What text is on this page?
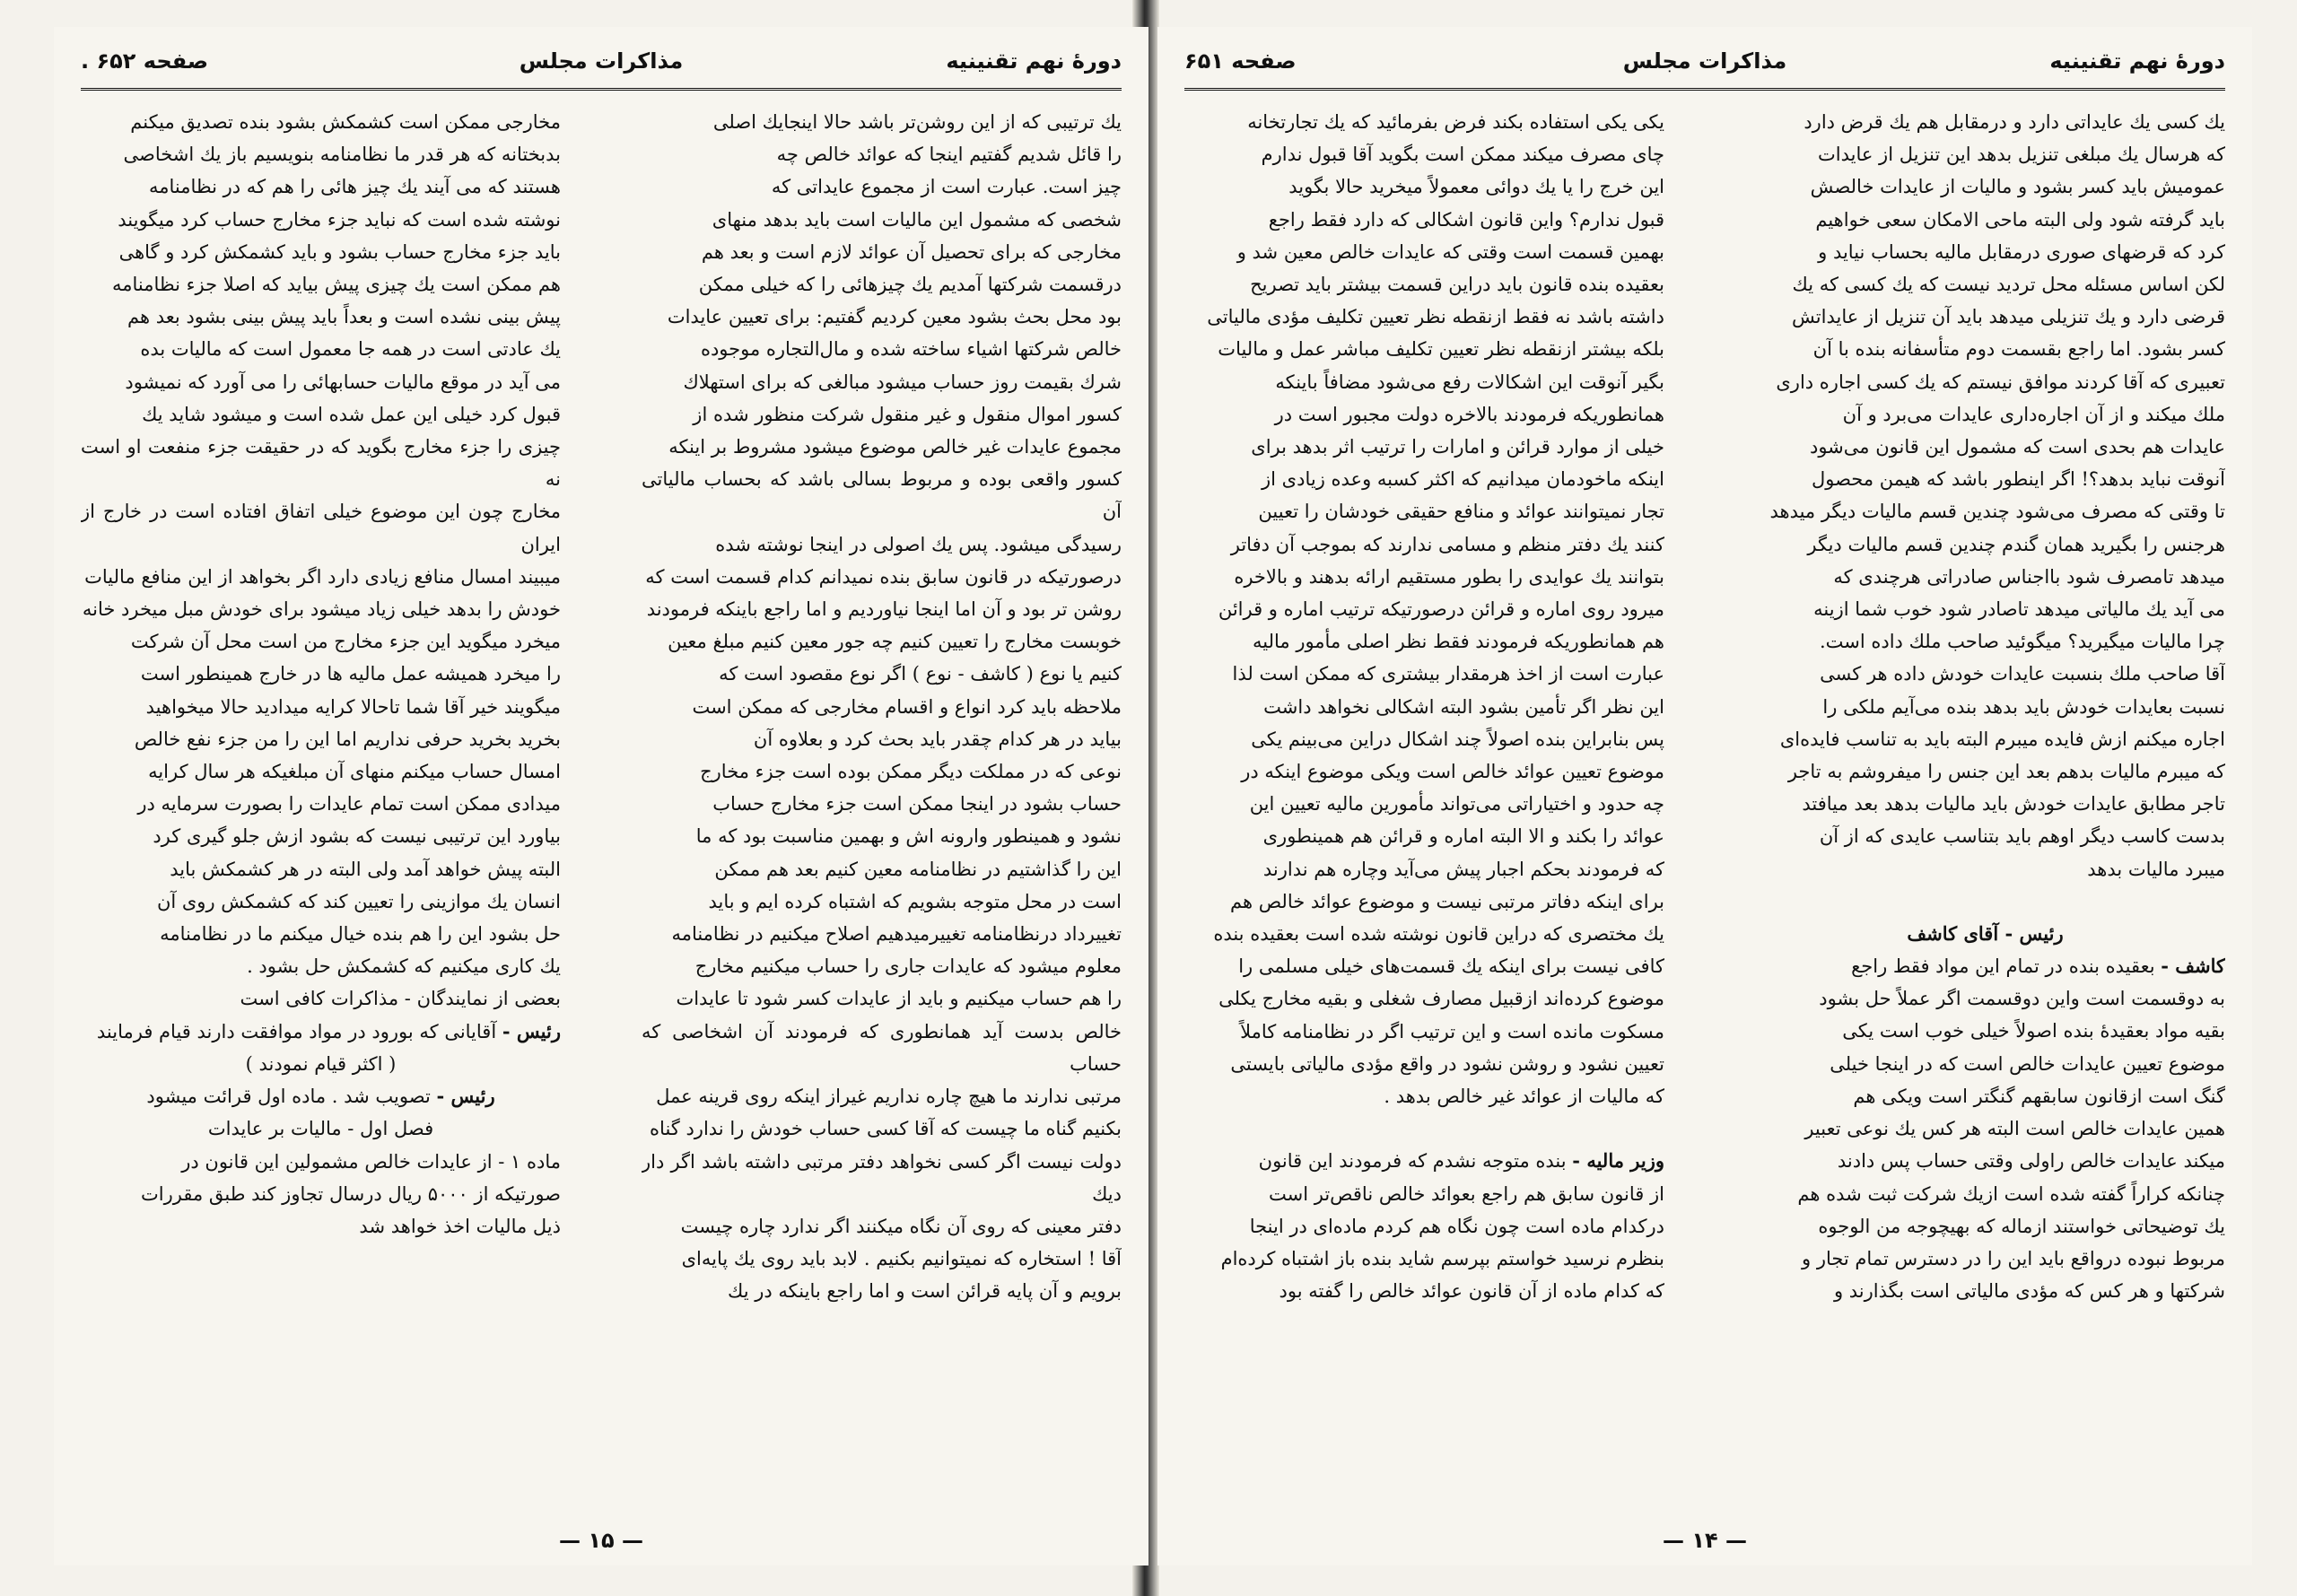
دورهٔ نهم تقنینیه
مذاکرات مجلس
صفحه ۶۵۲ .

یك ترتیبی كه از این روشن‌تر باشد حالا اینجایك اصلی

را قائل شدیم گفتیم اینجا كه عوائد خالص چه

چیز است. عبارت است از مجموع عایداتی كه

شخصی كه مشمول این مالیات است باید بدهد منهای

مخارجی كه برای تحصیل آن عوائد لازم است و بعد هم

درقسمت شركتها آمدیم یك چیزهائی را كه خیلی ممكن

بود محل بحث بشود معین كردیم گفتیم: برای تعیین عایدات

خالص شركتها اشیاء ساخته شده و مال‌التجاره موجوده

شرك بقیمت روز حساب میشود مبالغی كه برای استهلاك

كسور اموال منقول و غیر منقول شركت منظور شده از

مجموع عایدات غیر خالص موضوع میشود مشروط بر اینكه

كسور واقعی بوده و مربوط بسالی باشد كه بحساب مالیاتی آن

رسیدگی میشود. پس یك اصولی در اینجا نوشته شده

درصورتیكه در قانون سابق بنده نمیدانم كدام قسمت است كه

روشن تر بود و آن اما اینجا نیاوردیم و اما راجع باینكه فرمودند

خوبست مخارج را تعیین كنیم چه جور معین كنیم مبلغ معین

كنیم یا نوع ( كاشف - نوع ) اگر نوع مقصود است كه

ملاحظه باید كرد انواع و اقسام مخارجی كه ممكن است

بیاید در هر كدام چقدر باید بحث كرد و بعلاوه آن

نوعی كه در مملكت دیگر ممكن بوده است جزء مخارج

حساب بشود در اینجا ممكن است جزء مخارج حساب

نشود و همینطور وارونه اش و بهمین مناسبت بود كه ما

این را گذاشتیم در نظامنامه معین كنیم بعد هم ممكن

است در محل متوجه بشویم كه اشتباه كرده ایم و باید

تغییرداد درنظامنامه تغییرمیدهیم اصلاح میكنیم در نظامنامه

معلوم میشود كه عایدات جاری را حساب میكنیم مخارج

را هم حساب میكنیم و باید از عایدات كسر شود تا عایدات

خالص بدست آید همانطوری كه فرمودند آن اشخاصی كه حساب

مرتبی ندارند ما هیچ چاره نداریم غیراز اینكه روی قرینه عمل

بكنیم گناه ما چیست كه آقا كسی حساب خودش را ندارد گناه

دولت نیست اگر كسی نخواهد دفتر مرتبی داشته باشد اگر دار دیك

دفتر معینی كه روی آن نگاه میكنند اگر ندارد چاره چیست

آقا ! استخاره كه نمیتوانیم بكنیم . لابد باید روی یك پایه‌ای

برویم و آن پایه قرائن است و اما راجع باینكه در یك

مخارجی ممكن است كشمكش بشود بنده تصدیق میكنم

بدبختانه كه هر قدر ما نظامنامه بنویسیم باز یك اشخاصی

هستند كه می آیند یك چیز هائی را هم كه در نظامنامه

نوشته شده است كه نباید جزء مخارج حساب كرد میگویند

باید جزء مخارج حساب بشود و باید كشمكش كرد و گاهی

هم ممكن است یك چیزی پیش بیاید كه اصلا جزء نظامنامه

پیش بینی نشده است و بعداً باید پیش بینی بشود بعد هم

یك عادتی است در همه جا معمول است كه مالیات بده

می آید در موقع مالیات حسابهائی را می آورد كه نمیشود

قبول كرد خیلی این عمل شده است و میشود شاید یك

چیزی را جزء مخارج بگوید كه در حقیقت جزء منفعت او است نه

مخارج چون این موضوع خیلی اتفاق افتاده است در خارج از ایران

میبیند امسال منافع زیادی دارد اگر بخواهد از این منافع مالیات

خودش را بدهد خیلی زیاد میشود برای خودش مبل میخرد خانه

میخرد میگوید این جزء مخارج من است محل آن شركت

را میخرد همیشه عمل مالیه ها در خارج همینطور است

میگویند خیر آقا شما تاحالا كرایه میدادید حالا میخواهید

بخرید بخرید حرفی نداریم اما این را من جزء نفع خالص

امسال حساب میكنم منهای آن مبلغیكه هر سال كرایه

میدادی ممكن است تمام عایدات را بصورت سرمایه در

بیاورد این ترتیبی نیست كه بشود ازش جلو گیری كرد

البته پیش خواهد آمد ولی البته در هر كشمكش باید

انسان یك موازینی را تعیین كند كه كشمكش روی آن

حل بشود این را هم بنده خیال میكنم ما در نظامنامه

یك كاری میكنیم كه كشمكش حل بشود .

بعضی از نمایندگان - مذاکرات کافی است

رئیس - آقایانی که بورود در مواد موافقت دارند قیام فرمایند

( اکثر قیام نمودند )

رئیس - تصویب شد . ماده اول قرائت میشود

فصل اول - مالیات بر عایدات

ماده ۱ - از عایدات خالص مشمولین این قانون در

صورتیکه از ۵۰۰۰ ریال درسال تجاوز کند طبق مقررات

ذیل مالیات اخذ خواهد شد

— ۱۵ —
دورهٔ نهم تقنینیه
مذاکرات مجلس
صفحه ۶۵۱

یك كسی یك عایداتی دارد و درمقابل هم یك قرض دارد

كه هرسال یك مبلغی تنزیل بدهد این تنزیل از عایدات

عمومیش باید كسر بشود و مالیات از عایدات خالصش

باید گرفته شود ولی البته ماحی الامكان سعی خواهیم

كرد كه قرضهای صوری درمقابل مالیه بحساب نیاید و

لكن اساس مسئله محل تردید نیست كه یك كسی كه یك

قرضی دارد و یك تنزیلی میدهد باید آن تنزیل از عایداتش

كسر بشود. اما راجع بقسمت دوم متأسفانه بنده با آن

تعبیری كه آقا كردند موافق نیستم كه یك كسی اجاره داری

ملك میكند و از آن اجاره‌داری عایدات می‌برد و آن

عایدات هم بحدی است كه مشمول این قانون می‌شود

آنوقت نباید بدهد؟! اگر اینطور باشد كه هیمن محصول

تا وقتی كه مصرف می‌شود چندین قسم مالیات دیگر میدهد

هرجنس را بگیرید همان گندم چندین قسم مالیات دیگر

میدهد تامصرف شود بااجناس صادراتی هرچندی كه

می آید یك مالیاتی میدهد تاصادر شود خوب شما ازینه

چرا مالیات میگیرید؟ میگوئید صاحب ملك داده است.

آقا صاحب ملك بنسبت عایدات خودش داده هر كسی

نسبت بعایدات خودش باید بدهد بنده می‌آیم ملكی را

اجاره میكنم ازش فایده میبرم البته باید به تناسب فایده‌ای

كه میبرم مالیات بدهم بعد این جنس را میفروشم به تاجر

تاجر مطابق عایدات خودش باید مالیات بدهد بعد میافتد

بدست كاسب دیگر اوهم باید بتناسب عایدی كه از آن

میبرد مالیات بدهد

رئیس - آقای کاشف

کاشف - بعقیده بنده در تمام این مواد فقط راجع

به دوقسمت است واین دوقسمت اگر عملاً حل بشود

بقیه مواد بعقیدهٔ بنده اصولاً خیلی خوب است یكی

موضوع تعیین عایدات خالص است كه در اینجا خیلی

گنگ است ازقانون سابقهم گنگتر است ویكی هم

همین عایدات خالص است البته هر كس یك نوعی تعبیر

میكند عایدات خالص راولی وقتی حساب پس دادند

چنانكه كراراً گفته شده است ازیك شركت ثبت شده هم

یك توضیحاتی خواستند ازماله كه بهیچوجه من الوجوه

مربوط نبوده درواقع باید این را در دسترس تمام تجار و

شركتها و هر كس كه مؤدی مالیاتی است بگذارند و

یكی یكی استفاده بكند فرض بفرمائید كه یك تجارتخانه

چای مصرف میكند ممكن است بگوید آقا قبول ندارم

این خرج را یا یك دوائی معمولاً میخرید حالا بگوید

قبول ندارم؟ واین قانون اشكالی كه دارد فقط راجع

بهمین قسمت است وقتی كه عایدات خالص معین شد و

بعقیده بنده قانون باید دراین قسمت بیشتر باید تصریح

داشته باشد نه فقط ازنقطه نظر تعیین تكلیف مؤدی مالیاتی

بلكه بیشتر ازنقطه نظر تعیین تكلیف مباشر عمل و مالیات

بگیر آنوقت این اشكالات رفع می‌شود مضافاً باینكه

همانطوریكه فرمودند بالاخره دولت مجبور است در

خیلی از موارد قرائن و امارات را ترتیب اثر بدهد برای

اینكه ماخودمان میدانیم كه اكثر كسبه وعده زیادی از

تجار نمیتوانند عوائد و منافع حقیقی خودشان را تعیین

كنند یك دفتر منظم و مسامی ندارند كه بموجب آن دفاتر

بتوانند یك عوایدی را بطور مستقیم ارائه بدهند و بالاخره

میرود روی اماره و قرائن درصورتیكه ترتیب اماره و قرائن

هم همانطوریكه فرمودند فقط نظر اصلی مأمور مالیه

عبارت است از اخذ هرمقدار بیشتری كه ممكن است لذا

این نظر اگر تأمین بشود البته اشكالی نخواهد داشت

پس بنابراین بنده اصولاً چند اشكال دراین می‌بینم یكی

موضوع تعیین عوائد خالص است ویكی موضوع اینكه در

چه حدود و اختیاراتی می‌تواند مأمورین مالیه تعیین این

عوائد را بكند و الا البته اماره و قرائن هم همینطوری

كه فرمودند بحكم اجبار پیش می‌آید وچاره هم ندارند

برای اینكه دفاتر مرتبی نیست و موضوع عوائد خالص هم

یك مختصری كه دراین قانون نوشته شده است بعقیده بنده

كافی نیست برای اینكه یك قسمت‌های خیلی مسلمی را

موضوع كرده‌اند ازقبیل مصارف شغلی و بقیه مخارج یكلی

مسكوت مانده است و این ترتیب اگر در نظامنامه كاملاً

تعیین نشود و روشن نشود در واقع مؤدی مالیاتی بایستی

كه مالیات از عوائد غیر خالص بدهد .

وزیر مالیه - بنده متوجه نشدم كه فرمودند این قانون

از قانون سابق هم راجع بعوائد خالص ناقص‌تر است

دركدام ماده است چون نگاه هم كردم ماده‌ای در اینجا

بنظرم نرسید خواستم بپرسم شاید بنده باز اشتباه كرده‌ام

كه كدام ماده از آن قانون عوائد خالص را گفته بود

— ۱۴ —
